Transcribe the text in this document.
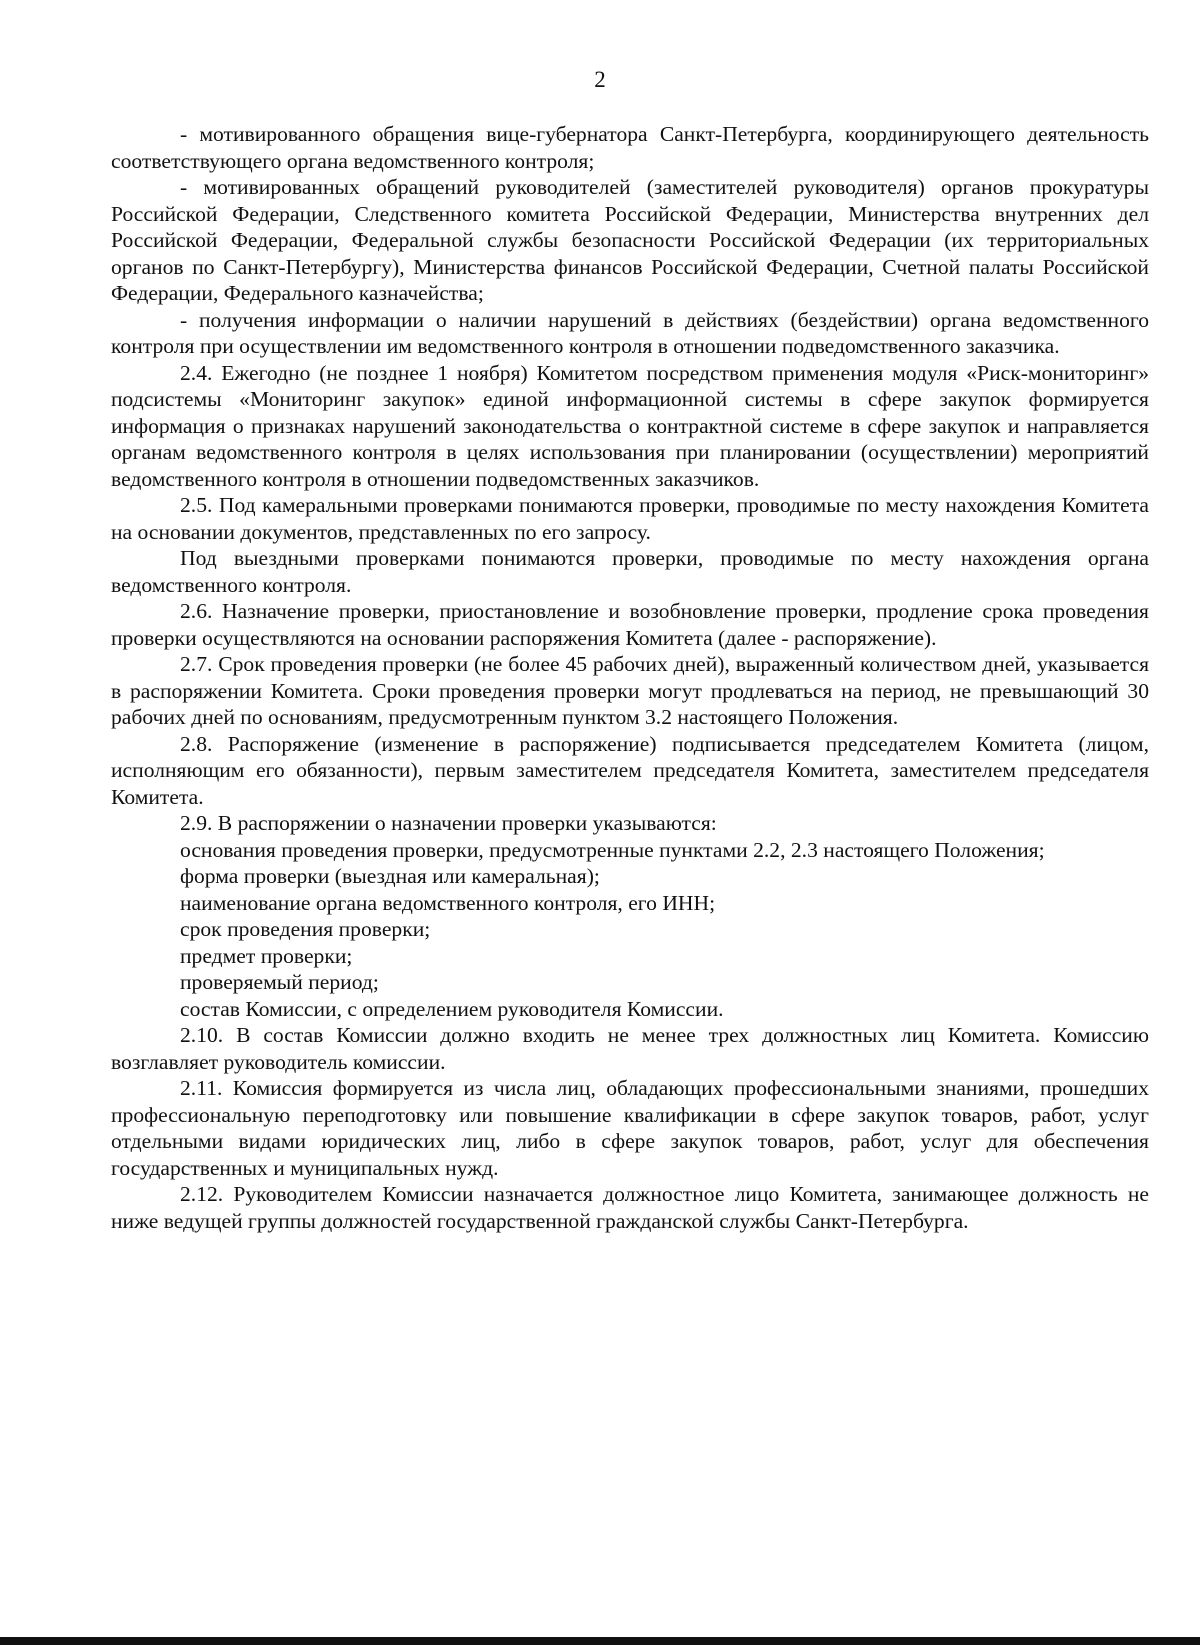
2

- мотивированного обращения вице-губернатора Санкт-Петербурга, координирующего деятельность соответствующего органа ведомственного контроля;

- мотивированных обращений руководителей (заместителей руководителя) органов прокуратуры Российской Федерации, Следственного комитета Российской Федерации, Министерства внутренних дел Российской Федерации, Федеральной службы безопасности Российской Федерации (их территориальных органов по Санкт-Петербургу), Министерства финансов Российской Федерации, Счетной палаты Российской Федерации, Федерального казначейства;

- получения информации о наличии нарушений в действиях (бездействии) органа ведомственного контроля при осуществлении им ведомственного контроля в отношении подведомственного заказчика.

2.4. Ежегодно (не позднее 1 ноября) Комитетом посредством применения модуля «Риск-мониторинг» подсистемы «Мониторинг закупок» единой информационной системы в сфере закупок формируется информация о признаках нарушений законодательства о контрактной системе в сфере закупок и направляется органам ведомственного контроля в целях использования при планировании (осуществлении) мероприятий ведомственного контроля в отношении подведомственных заказчиков.

2.5. Под камеральными проверками понимаются проверки, проводимые по месту нахождения Комитета на основании документов, представленных по его запросу.

Под выездными проверками понимаются проверки, проводимые по месту нахождения органа ведомственного контроля.

2.6. Назначение проверки, приостановление и возобновление проверки, продление срока проведения проверки осуществляются на основании распоряжения Комитета (далее - распоряжение).

2.7. Срок проведения проверки (не более 45 рабочих дней), выраженный количеством дней, указывается в распоряжении Комитета. Сроки проведения проверки могут продлеваться на период, не превышающий 30 рабочих дней по основаниям, предусмотренным пунктом 3.2 настоящего Положения.

2.8. Распоряжение (изменение в распоряжение) подписывается председателем Комитета (лицом, исполняющим его обязанности), первым заместителем председателя Комитета, заместителем председателя Комитета.

2.9. В распоряжении о назначении проверки указываются:

основания проведения проверки, предусмотренные пунктами 2.2, 2.3 настоящего Положения;

форма проверки (выездная или камеральная);

наименование органа ведомственного контроля, его ИНН;

срок проведения проверки;

предмет проверки;

проверяемый период;

состав Комиссии, с определением руководителя Комиссии.

2.10. В состав Комиссии должно входить не менее трех должностных лиц Комитета. Комиссию возглавляет руководитель комиссии.

2.11. Комиссия формируется из числа лиц, обладающих профессиональными знаниями, прошедших профессиональную переподготовку или повышение квалификации в сфере закупок товаров, работ, услуг отдельными видами юридических лиц, либо в сфере закупок товаров, работ, услуг для обеспечения государственных и муниципальных нужд.

2.12. Руководителем Комиссии назначается должностное лицо Комитета, занимающее должность не ниже ведущей группы должностей государственной гражданской службы Санкт-Петербурга.
